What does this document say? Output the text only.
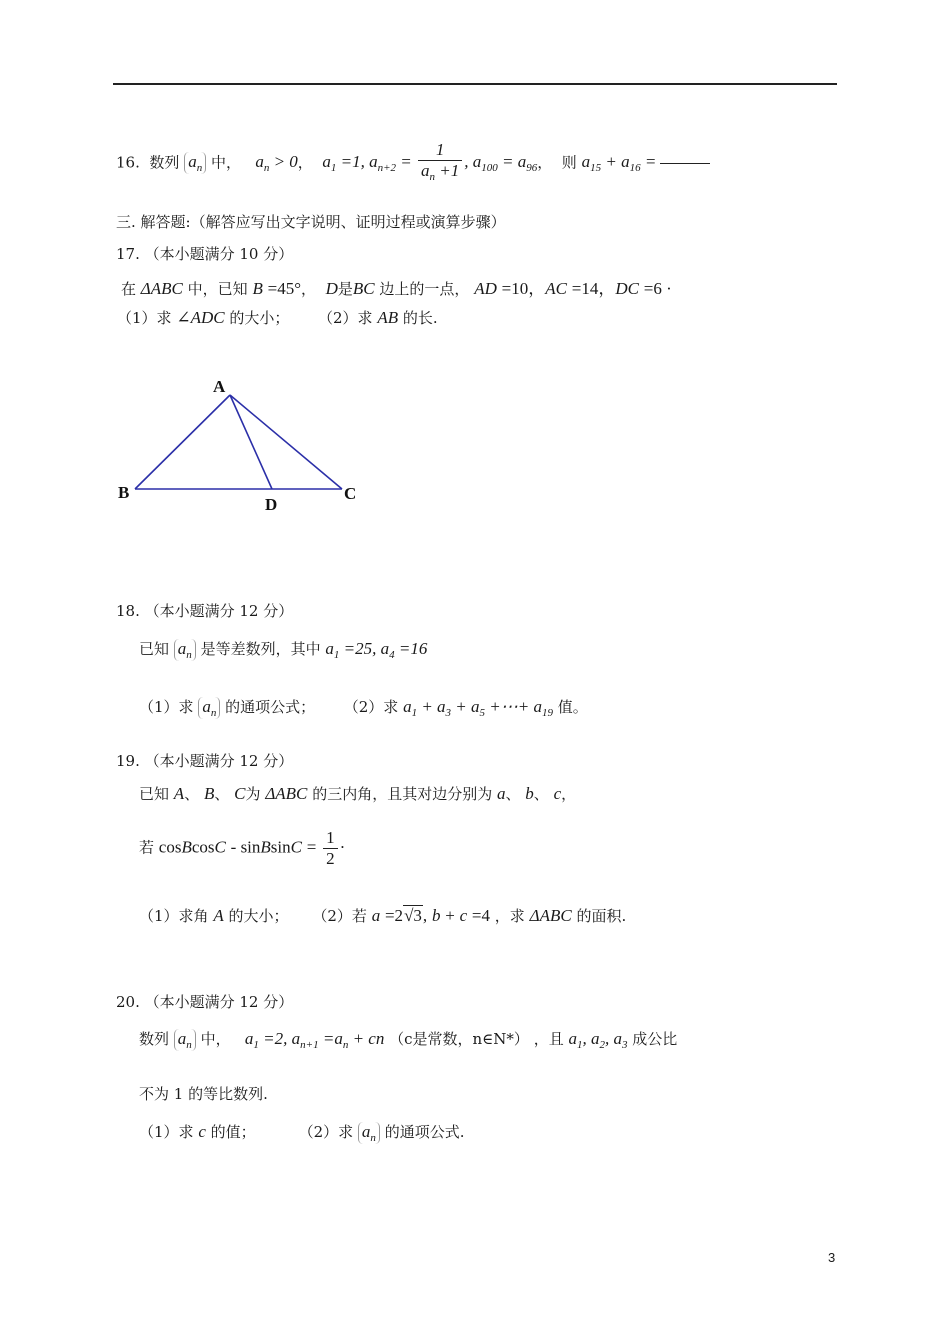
16. 数列 $a_n$ 中， $a_n > 0$， $a_1 =1$, $a_{n+2} = \frac{1}{a_n +1}$ , $a_{100} = a_{96}$， 则 $a_{15} + a_{16}$ =
三. 解答题:（解答应写出文字说明、证明过程或演算步骤）
17. （本小题满分 10 分）
在 ΔABC 中，已知 B =45°， D是BC 边上的一点， AD =10，AC =14，DC =6 ·
（1）求 ∠ADC 的大小； （2）求 AB 的长.
A
B	C
D
18. （本小题满分 12 分）
已知 $a_n$ 是等差数列，其中 $a_1 =25$, $a_4 =16$
（1）求 $a_n$ 的通项公式； （2）求 $a_1 + a_3 + a_5$ +⋯+ $a_{19}$ 值。
19. （本小题满分 12 分）
已知 A、 B、 C为 ΔABC 的三内角，且其对边分别为 a、 b、 c，
若 cosBcosC - sinBsinC = $\frac{1}{2}$ ·
（1）求角 A 的大小； （2）若 a =2√3, b + c =4 ，求 ΔABC 的面积.
20. （本小题满分 12 分）
数列 $a_n$ 中， $a_1 =2$, $a_{n+1} =a_n$ + cn （c是常数，n∈N*） ，且 $a_1$, $a_2$, $a_3$ 成公比
不为 1 的等比数列.
（1）求 c 的值；	（2）求 $a_n$ 的通项公式.
3
